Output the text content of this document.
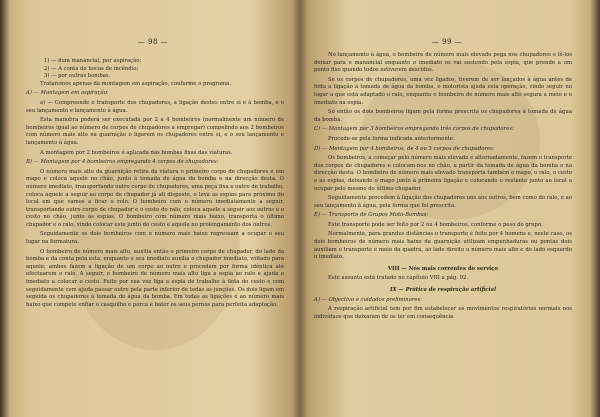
— 98 —
1) — dum manancial, por aspiração;
2) — A conta de bocas de incêndio;
3) — por outras bombas.
Trataremos apenas da montagem em aspiração, conforme o programa.
A) — Montagem em aspiração:
a) — Compreende o transporte dos chupadores, a ligação destes entre si e à bomba, e o seu lançamento e lançamento à água.
Esta manobra poderá ser executada por 2 a 4 bombeiros (normalmente um número de bombeiros igual ao número de corpos de chupadores a empregar) compelindo aos 2 bombeiros com número mais alto na guarnição o ligarem os chupadores entre si, e o seu lançamento e lançamento à água.
A montagem por 2 bombeiros é aplicada nas bombas fixas das viaturas.
B) — Montagem por 4 bombeiros empregando 4 corpos de chupadores:
O número mais alto da guarnição retira da viatura o primeiro corpo de chupadores e um mapo e coloca aquele no chão, junto à tomada de água da bomba e na direcção desta. O número imediato, transportando outro corpo de chupadores, uma peça fixa e outro de trabalho, coloca aquele a seguir ao corpo de chupador já ali disposto, o leva as espias para próximo do local em que vamos a ficar o rolo. O bombeiro com o número imediatamente a seguir, transportando outro corpo de chupador e o cesto do ralo, coloca aquele a seguir aos outros e o cesto no chão, junto às espias. O bombeiro com número mais baixo, transporta o último chupador e o ralo, vindo colocar este junto do cesto e aquele no prolongamento dos outros.
Seguidamente os dois bombeiros com o número mais baixo regressam a ocupar o seu lugar na formatura.
O bombeiro de número mais alto, auxilia então o primeiro corpo de chupador, do lado da bomba e da conta pela esta, enquanto o seu imediato auxilia o chupador imediato, voltado para aquele; ambos fazem a ligação de um corpo ao outro e procedem por forma idêntica até efectuarem o ralo. A seguir, o bombeiro de número mais alto liga a espia ao ralo e ajuda o imediato a colocar o cesto. Feito por sua vez liga a espia de trabalho à ilota do cesto e com seguidamente com ajuda passar outro pela parte inferior de todas as junções. Os dois ligam em seguida os chupadores à tomada de água da bomba. Em todas as ligações é ao número mais baixo que compete enfiar o casquilho e porca e bater os seus pernos para perfeita adaptação.
— 99 —
No lançamento à água, o bombeiro de número mais elevado pega nos chupadores e lê-los deixar para o manancial enquanto o imediato os vai sustendo pela espia, que prende a um ponto fixo quando todos estiverem descidos.
Se os corpos de chupadores, uma vez ligados, tiverem de ser lançados à água antes de feita a ligação à tomada de água da bomba, o motorista ajuda esta operação, vindo seguir no lugar a que está adaptado o ralo, enquanto o bombeiro de número mais alto segura a meio e o imediato na espia.
Só então os dois bombeiros ligam pela forma prescrita os chupadores à tomada de água da bomba.
C) — Montagem por 3 bombeiros empregando três corpos de chupadores:
Procede-se pela forma indicada anteriormente.
D) — Montagem por 4 bombeiros, de 4 ou 5 corpos de chupadores:
Os bombeiros, a começar pelo número mais elevado e alternadamente, fazem o transporte dos corpos de chupadores e colocam-nos no chão, a partir da tomada de água da bomba e na direcção desta. O bombeiro de número mais elevado transporta também o mapo, o ralo, o cesto e as espias, deixando o mapo junto à primeira ligação e colocando o restante junto ao local a ocupar pelo mesmo do último chupador.
Seguidamente procedem à ligação dos chupadores uns aos outros, bem como do ralo, e ao seu lançamento à água, pela forma que foi prescrita.
E) — Transporte de Grupos Moto-Bombas:
Este transporte pode ser feito por 2 ou 4 bombeiros, conforme o peso do grupo.
Normalmente, para grandes distâncias o transporte é feito por 4 homens e, neste caso, os dois bombeiros de número mais baixo da guarnição utilizam empunhaduras ou pontas dois auxiliam o transporte e meio da quadra, ao lado direito o número mais alto e do lado esquerdo o imediato.
VIII — Nós mais correntes do serviço
Este assunto está tratado no capítulo VIII a pág. 92.
IX — Prática de respiração artificial
A) — Objectivo e cuidados preliminares:
A respiração artificial tem por fim estabelecer os movimentos respiratórios normais nos indivíduos que deixaram de os ter em consequência
